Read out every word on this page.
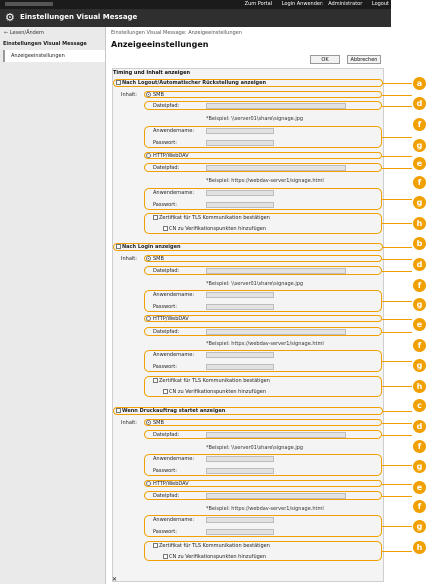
Zum Portal Login Anwender: Administrator Logout
⚙ Einstellungen Visual Message
← Lesen/Ändern
Einstellungen Visual Message
Anzeigeeinstellungen
Einstellungen Visual Message: Anzeigeeinstellungen
Anzeigeeinstellungen
OK	Abbrechen
Timing und Inhalt anzeigen
Nach Logout/Automatischer Rückstellung anzeigen	a
Inhalt:	SMB
d
Dateipfad:
f
*Beispiel: \\server01\share\signage.jpg
Anwendername:
Passwort:	g
HTTP/WebDAV
e
Dateipfad:
f
*Beispiel: https://webdav-server1/signage.html
Anwendername:
Passwort:	g
Zertifikat für TLS Kommunikation bestätigen
CN zu Verifikationspunkten hinzufügen
h
Nach Login anzeigen	b
Inhalt:	SMB
d
Dateipfad:
f
*Beispiel: \\server01\share\signage.jpg
Anwendername:
Passwort:	g
HTTP/WebDAV
e
Dateipfad:
f
*Beispiel: https://webdav-server1/signage.html
Anwendername:
Passwort:	g
Zertifikat für TLS Kommunikation bestätigen
CN zu Verifikationspunkten hinzufügen
h
Wenn Druckauftrag startet anzeigen
c
Inhalt:	SMB	d
Dateipfad:
f
*Beispiel: \\server01\share\signage.jpg
Anwendername:
Passwort:	g
HTTP/WebDAV	e
Dateipfad:
f
*Beispiel: https://webdav-server1/signage.html
Anwendername:
Passwort:
g
Zertifikat für TLS Kommunikation bestätigen
CN zu Verifikationspunkten hinzufügen
h
✕
